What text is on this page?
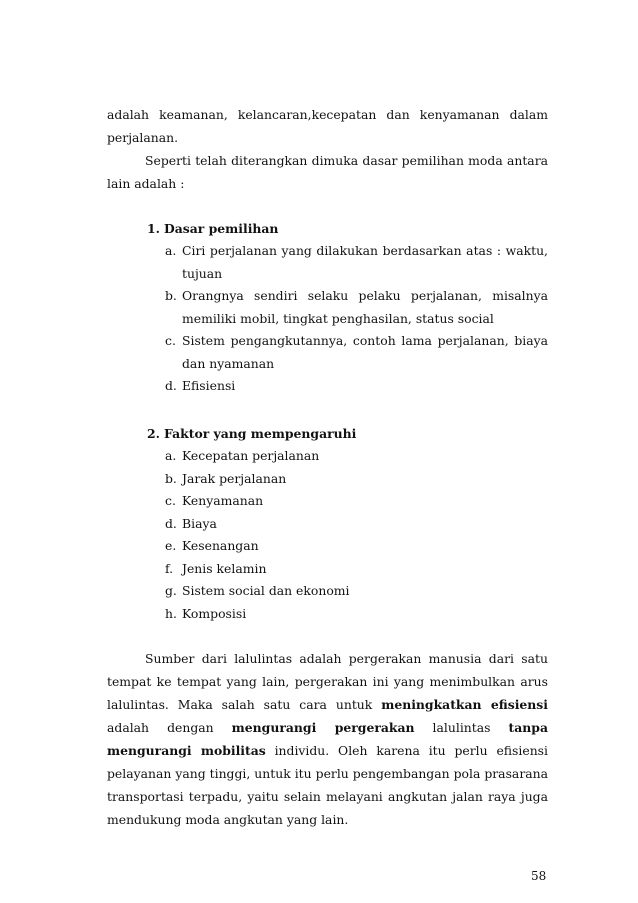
adalah keamanan, kelancaran,kecepatan dan kenyamanan dalam perjalanan.

Seperti telah diterangkan dimuka dasar pemilihan moda antara lain adalah :

1. Dasar pemilihan

a. Ciri perjalanan yang dilakukan berdasarkan atas : waktu, tujuan
b. Orangnya sendiri selaku pelaku perjalanan, misalnya memiliki mobil, tingkat penghasilan, status social
c. Sistem pengangkutannya, contoh lama perjalanan, biaya dan nyamanan
d. Efisiensi

2. Faktor yang mempengaruhi

a. Kecepatan perjalanan
b. Jarak perjalanan
c. Kenyamanan
d. Biaya
e. Kesenangan
f. Jenis kelamin
g. Sistem social dan ekonomi
h. Komposisi

Sumber dari lalulintas adalah pergerakan manusia dari satu tempat ke tempat yang lain, pergerakan ini yang menimbulkan arus lalulintas. Maka salah satu cara untuk meningkatkan efisiensi adalah dengan mengurangi pergerakan lalulintas tanpa mengurangi mobilitas individu. Oleh karena itu perlu efisiensi pelayanan yang tinggi, untuk itu perlu pengembangan pola prasarana transportasi terpadu, yaitu selain melayani angkutan jalan raya juga mendukung moda angkutan yang lain.

58
